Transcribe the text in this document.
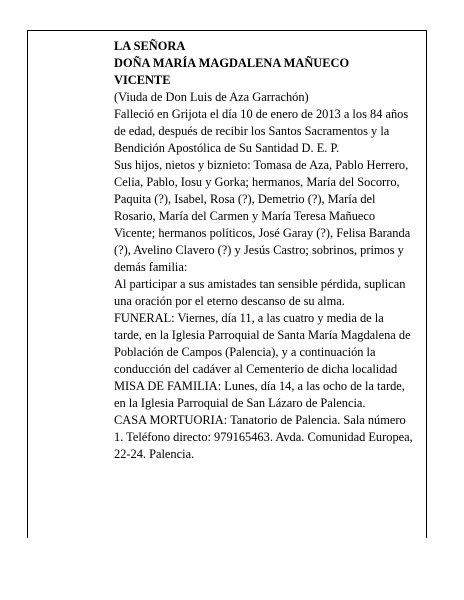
LA SEÑORA

DOÑA MARÍA MAGDALENA MAÑUECO

VICENTE

(Viuda de Don Luis de Aza Garrachón)

Falleció en Grijota el día 10 de enero de 2013 a los 84 años de edad, después de recibir los Santos Sacramentos y la Bendición Apostólica de Su Santidad D. E. P.

Sus hijos, nietos y biznieto: Tomasa de Aza, Pablo Herrero, Celia, Pablo, Iosu y Gorka; hermanos, María del Socorro, Paquita (?), Isabel, Rosa (?), Demetrio (?), María del Rosario, María del Carmen y María Teresa Mañueco Vicente; hermanos políticos, José Garay (?), Felisa Baranda (?), Avelino Clavero (?) y Jesús Castro; sobrinos, primos y demás familia:

Al participar a sus amistades tan sensible pérdida, suplican una oración por el eterno descanso de su alma.

FUNERAL: Viernes, día 11, a las cuatro y media de la tarde, en la Iglesia Parroquial de Santa María Magdalena de Población de Campos (Palencia), y a continuación la conducción del cadáver al Cementerio de dicha localidad

MISA DE FAMILIA: Lunes, día 14, a las ocho de la tarde, en la Iglesia Parroquial de San Lázaro de Palencia.

CASA MORTUORIA: Tanatorio de Palencia. Sala número 1. Teléfono directo: 979165463. Avda. Comunidad Europea, 22-24. Palencia.
